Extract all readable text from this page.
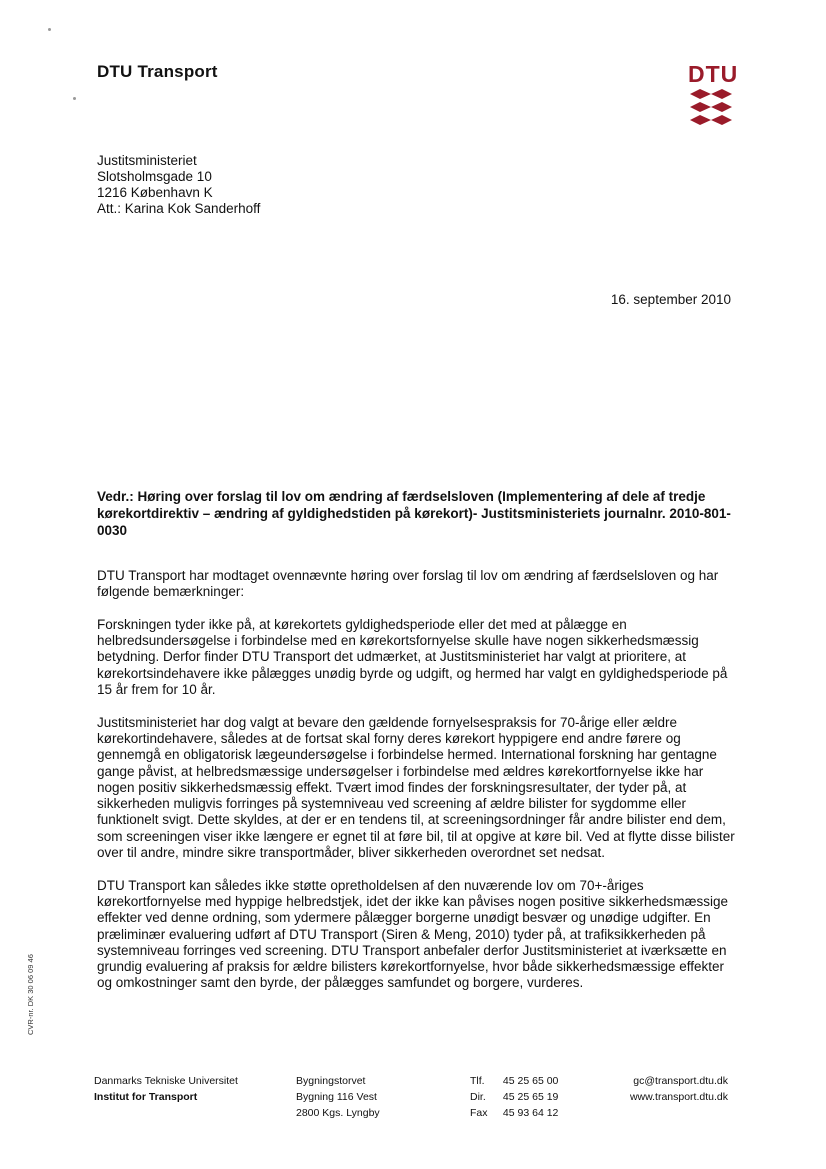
DTU Transport	DTU
Justitsministeriet
Slotsholmsgade 10
1216 København K
Att.: Karina Kok Sanderhoff
16. september 2010
Vedr.: Høring over forslag til lov om ændring af færdselsloven (Implementering af dele af tredje kørekortdirektiv – ændring af gyldighedstiden på kørekort)- Justitsministeriets journalnr. 2010-801-0030

DTU Transport har modtaget ovennævnte høring over forslag til lov om ændring af færdselsloven og har følgende bemærkninger:

Forskningen tyder ikke på, at kørekortets gyldighedsperiode eller det med at pålægge en helbredsundersøgelse i forbindelse med en kørekortsfornyelse skulle have nogen sikkerhedsmæssig betydning. Derfor finder DTU Transport det udmærket, at Justitsministeriet har valgt at prioritere, at kørekortsindehavere ikke pålægges unødig byrde og udgift, og hermed har valgt en gyldighedsperiode på 15 år frem for 10 år.

Justitsministeriet har dog valgt at bevare den gældende fornyelsespraksis for 70-årige eller ældre kørekortindehavere, således at de fortsat skal forny deres kørekort hyppigere end andre førere og gennemgå en obligatorisk lægeundersøgelse i forbindelse hermed. International forskning har gentagne gange påvist, at helbredsmæssige undersøgelser i forbindelse med ældres kørekortfornyelse ikke har nogen positiv sikkerhedsmæssig effekt. Tvært imod findes der forskningsresultater, der tyder på, at sikkerheden muligvis forringes på systemniveau ved screening af ældre bilister for sygdomme eller funktionelt svigt. Dette skyldes, at der er en tendens til, at screeningsordninger får andre bilister end dem, som screeningen viser ikke længere er egnet til at føre bil, til at opgive at køre bil. Ved at flytte disse bilister over til andre, mindre sikre transportmåder, bliver sikkerheden overordnet set nedsat.

DTU Transport kan således ikke støtte opretholdelsen af den nuværende lov om 70+-åriges kørekortfornyelse med hyppige helbredstjek, idet der ikke kan påvises nogen positive sikkerhedsmæssige effekter ved denne ordning, som ydermere pålægger borgerne unødigt besvær og unødige udgifter. En præliminær evaluering udført af DTU Transport (Siren & Meng, 2010) tyder på, at trafiksikkerheden på systemniveau forringes ved screening. DTU Transport anbefaler derfor Justitsministeriet at iværksætte en grundig evaluering af praksis for ældre bilisters kørekortfornyelse, hvor både sikkerhedsmæssige effekter og omkostninger samt den byrde, der pålægges samfundet og borgere, vurderes.

CVR-nr. DK 30 06 09 46
Danmarks Tekniske Universitet
Institut for Transport
Bygningstorvet
Bygning 116 Vest
2800 Kgs. Lyngby
Tlf. 45 25 65 00
Dir. 45 25 65 19
Fax 45 93 64 12
gc@transport.dtu.dk
www.transport.dtu.dk
